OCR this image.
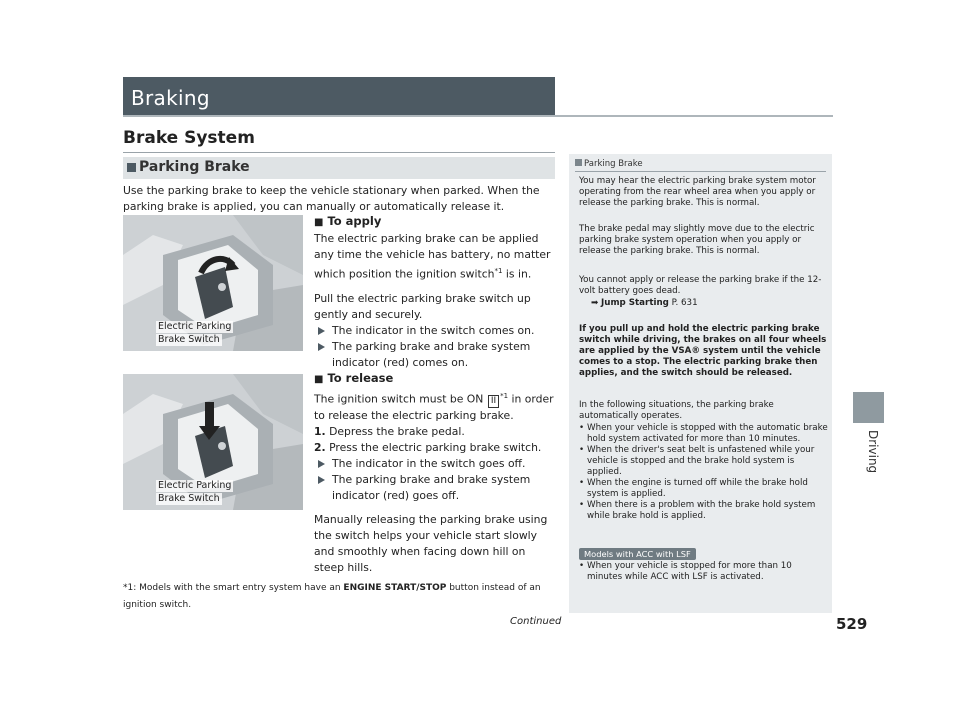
Braking
Driving
Brake System
Parking Brake
Use the parking brake to keep the vehicle stationary when parked. When the parking brake is applied, you can manually or automatically release it.
Electric Parking
Brake Switch
Electric Parking
Brake Switch
■ To apply
The electric parking brake can be applied any time the vehicle has battery, no matter which position the ignition switch$^{*1}$ is in.
Pull the electric parking brake switch up gently and securely.
The indicator in the switch comes on.
The parking brake and brake system
indicator (red) comes on.
■ To release
The ignition switch must be ON II $^{*1}$ in order to release the electric parking brake.
1. Depress the brake pedal.
2. Press the electric parking brake switch.
The indicator in the switch goes off.
The parking brake and brake system
indicator (red) goes off.
Manually releasing the parking brake using the switch helps your vehicle start slowly and smoothly when facing down hill on steep hills.
*1: Models with the smart entry system have an ENGINE START/STOP button instead of an ignition switch.
Parking Brake
You may hear the electric parking brake system motor operating from the rear wheel area when you apply or release the parking brake. This is normal.
The brake pedal may slightly move due to the electric parking brake system operation when you apply or release the parking brake. This is normal.
You cannot apply or release the parking brake if the 12-volt battery goes dead.
➡ Jump Starting P. 631
If you pull up and hold the electric parking brake switch while driving, the brakes on all four wheels are applied by the VSA® system until the vehicle comes to a stop. The electric parking brake then applies, and the switch should be released.
In the following situations, the parking brake automatically operates.
• When your vehicle is stopped with the automatic brake hold system activated for more than 10 minutes.
• When the driver's seat belt is unfastened while your vehicle is stopped and the brake hold system is applied.
• When the engine is turned off while the brake hold system is applied.
• When there is a problem with the brake hold system while brake hold is applied.
Models with ACC with LSF
• When your vehicle is stopped for more than 10 minutes while ACC with LSF is activated.
Continued	529
